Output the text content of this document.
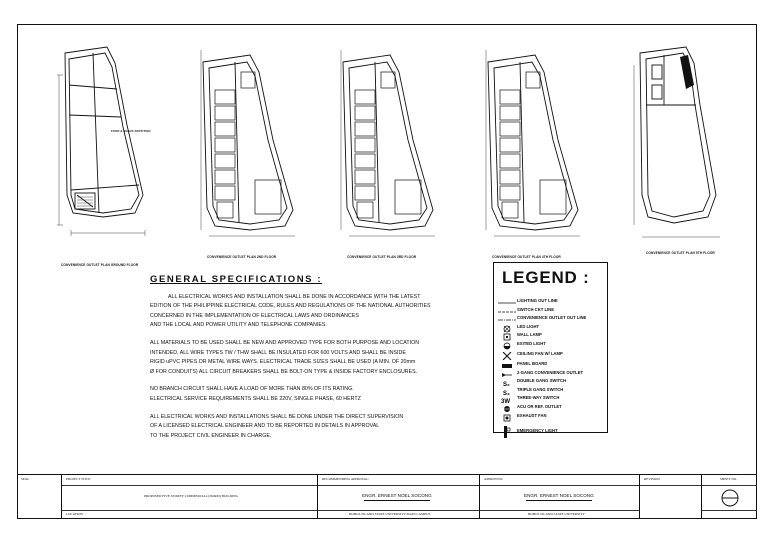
FOOD & SNACK PARTITION
CONVENIENCE OUTLET PLAN GROUND FLOOR
CONVENIENCE OUTLET PLAN 2ND FLOOR	CONVENIENCE OUTLET PLAN 3RD FLOOR	CONVENIENCE OUTLET PLAN 4TH FLOOR
CONVENIENCE OUTLET PLAN 5TH FLOOR
GENERAL SPECIFICATIONS :
ALL ELECTRICAL WORKS AND INSTALLATION SHALL BE DONE IN ACCORDANCE WITH THE LATEST
EDITION OF THE PHILIPPINE ELECTRICAL CODE, RULES AND REGULATIONS OF THE NATIONAL AUTHORITIES
CONCERNED IN THE IMPLEMENTATION OF ELECTRICAL LAWS AND ORDINANCES
AND THE LOCAL AND POWER UTILITY AND TELEPHONE COMPANIES.
ALL MATERIALS TO BE USED SHALL BE NEW AND APPROVED TYPE FOR BOTH PURPOSE AND LOCATION
INTENDED, ALL WIRE TYPES TW / THW SHALL BE INSULATED FOR 600 VOLTS AND SHALL BE INSIDE
RIGID uPVC PIPES OR METAL WIRE WAYS. ELECTRICAL TRADE SIZES SHALL BE USED (A MIN. OF 20mm
Ø FOR CONDUITS) ALL CIRCUIT BREAKERS SHALL BE BOLT-ON TYPE & INSIDE FACTORY ENCLOSURES.
NO BRANCH CIRCUIT SHALL HAVE A LOAD OF MORE THAN 80% OF ITS RATING.
ELECTRICAL SERVICE REQUIREMENTS SHALL BE 220V, SINGLE PHASE, 60 HERTZ
ALL ELECTRICAL WORKS AND INSTALLATIONS SHALL BE DONE UNDER THE DIRECT SUPERVISION
OF A LICENSED ELECTRICAL ENGINEER AND TO BE REPORTED IN DETAILS IN APPROVAL
TO THE PROJECT CIVIL ENGINEER IN CHARGE.
LEGEND :
LIGHTING OUT LINE
SWITCH CKT LINE
CONVENIENCE OUTLET OUT LINE
LED LIGHT
WALL LAMP
EXITED LIGHT
CEILING FAN W/ LAMP
PANEL BOARD
2-GANG CONVENIENCE OUTLET
S₂
DOUBLE GANG SWITCH
S₃
TRIPLE GANG SWITCH
3W
THREE-WAY SWITCH
ACU OR REF. OUTLET
EXHAUST FAN
EMERGENCY LIGHT
SEAL	PROJECT TITLE
PROPOSED FIVE-STOREY COMMERCIAL (DORM) BUILDING
LOCATION
RECOMMENDING APPROVAL:
ENGR. ERNEST NOEL SOCONG
BOHOL ISLAND STATE UNIVERSITY MAIN CAMPUS
APPROVED:
ENGR. ERNEST NOEL SOCONG
BOHOL ISLAND STATE UNIVERSITY
REVISION	SHEET NO.
